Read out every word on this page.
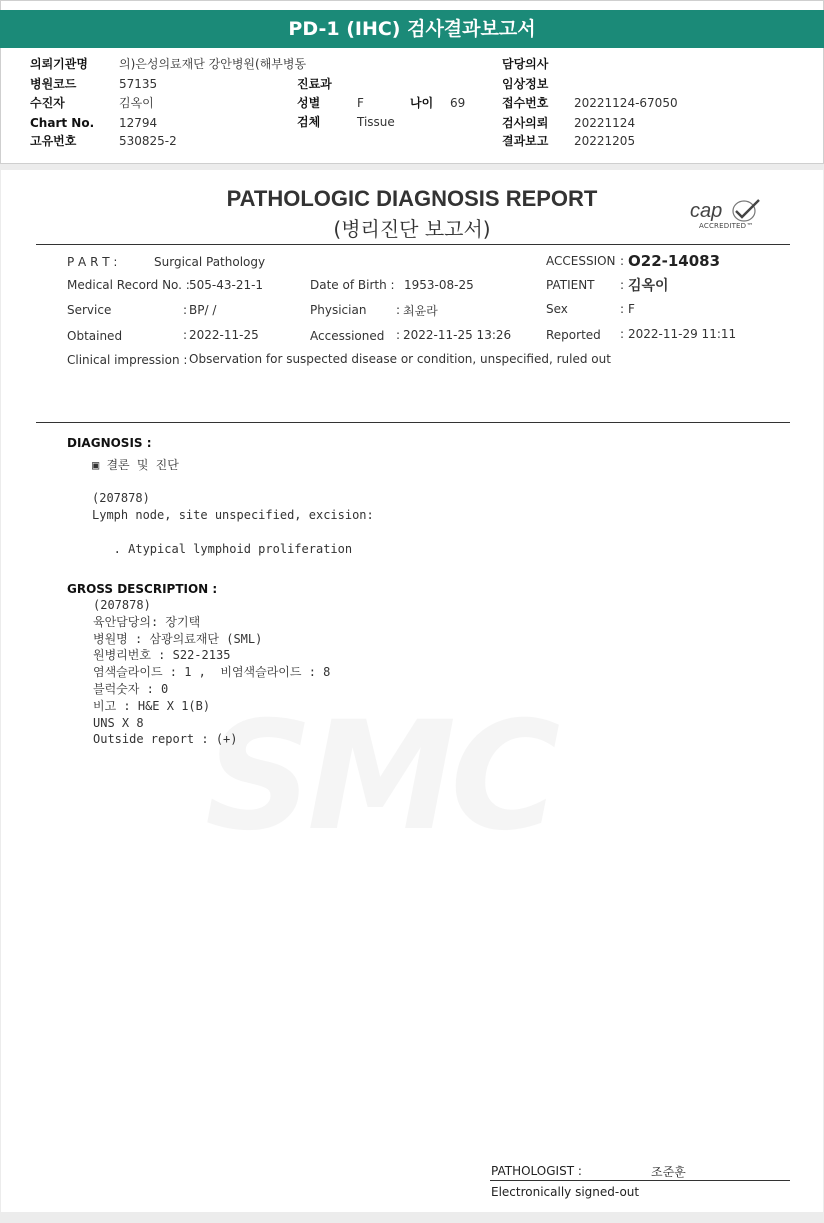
PD-1 (IHC) 검사결과보고서
의뢰기관명	의)은성의료재단 강안병원(해부병동	담당의사
병원코드	57135	진료과	임상정보
수진자	김옥이	성별	F	나이 69	접수번호 20221124-67050
Chart No. 12794	검체	Tissue	검사의뢰 20221124
고유번호	530825-2	결과보고 20221205
PATHOLOGIC DIAGNOSIS REPORT
(병리진단 보고서)
cap
ACCREDITED™
P A R T :	Surgical Pathology	ACCESSION : O22-14083
Medical Record No. : 505-43-21-1	Date of Birth : 1953-08-25	PATIENT : 김옥이
Service	: BP/ /	Physician : 최윤라	Sex	: F
Obtained	: 2022-11-25	Accessioned : 2022-11-25 13:26	Reported : 2022-11-29 11:11
Clinical impression : Observation for suspected disease or condition, unspecified, ruled out
DIAGNOSIS :
▣ 결론 및 진단
(207878)
Lymph node, site unspecified, excision:
. Atypical lymphoid proliferation
GROSS DESCRIPTION :
(207878)
육안담당의: 장기택
병원명 : 삼광의료재단 (SML)
원병리번호 : S22-2135
염색슬라이드 : 1 ,  비염색슬라이드 : 8
블럭숫자 : 0
비고 : H&E X 1(B)
UNS X 8
Outside report : (+)
PATHOLOGIST :	조준훈
Electronically signed-out
